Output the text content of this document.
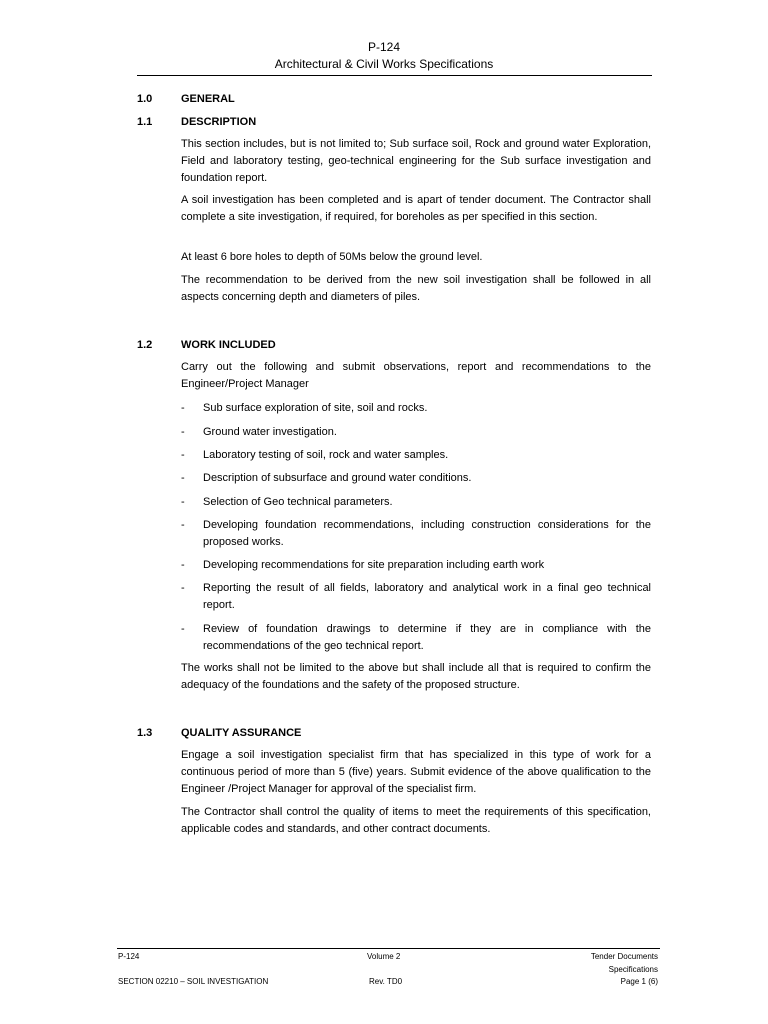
P-124
Architectural & Civil Works Specifications
1.0	GENERAL
1.1	DESCRIPTION

This section includes, but is not limited to; Sub surface soil, Rock and ground water Exploration, Field and laboratory testing, geo-technical engineering for the Sub surface investigation and foundation report.

A soil investigation has been completed and is apart of tender document. The Contractor shall complete a site investigation, if required, for boreholes as per specified in this section.

At least 6 bore holes to depth of 50Ms below the ground level.

The recommendation to be derived from the new soil investigation shall be followed in all aspects concerning depth and diameters of piles.

1.2	WORK INCLUDED

Carry out the following and submit observations, report and recommendations to the Engineer/Project Manager

- Sub surface exploration of site, soil and rocks.
- Ground water investigation.
- Laboratory testing of soil, rock and water samples.
- Description of subsurface and ground water conditions.
- Selection of Geo technical parameters.
- Developing foundation recommendations, including construction considerations for the proposed works.
- Developing recommendations for site preparation including earth work
- Reporting the result of all fields, laboratory and analytical work in a final geo technical report.
- Review of foundation drawings to determine if they are in compliance with the recommendations of the geo technical report.

The works shall not be limited to the above but shall include all that is required to confirm the adequacy of the foundations and the safety of the proposed structure.

1.3	QUALITY ASSURANCE

Engage a soil investigation specialist firm that has specialized in this type of work for a continuous period of more than 5 (five) years. Submit evidence of the above qualification to the Engineer /Project Manager for approval of the specialist firm.

The Contractor shall control the quality of items to meet the requirements of this specification, applicable codes and standards, and other contract documents.

P-124
SECTION 02210 – SOIL INVESTIGATION
Volume 2
Rev. TD0
Tender Documents
Specifications
Page 1 (6)
